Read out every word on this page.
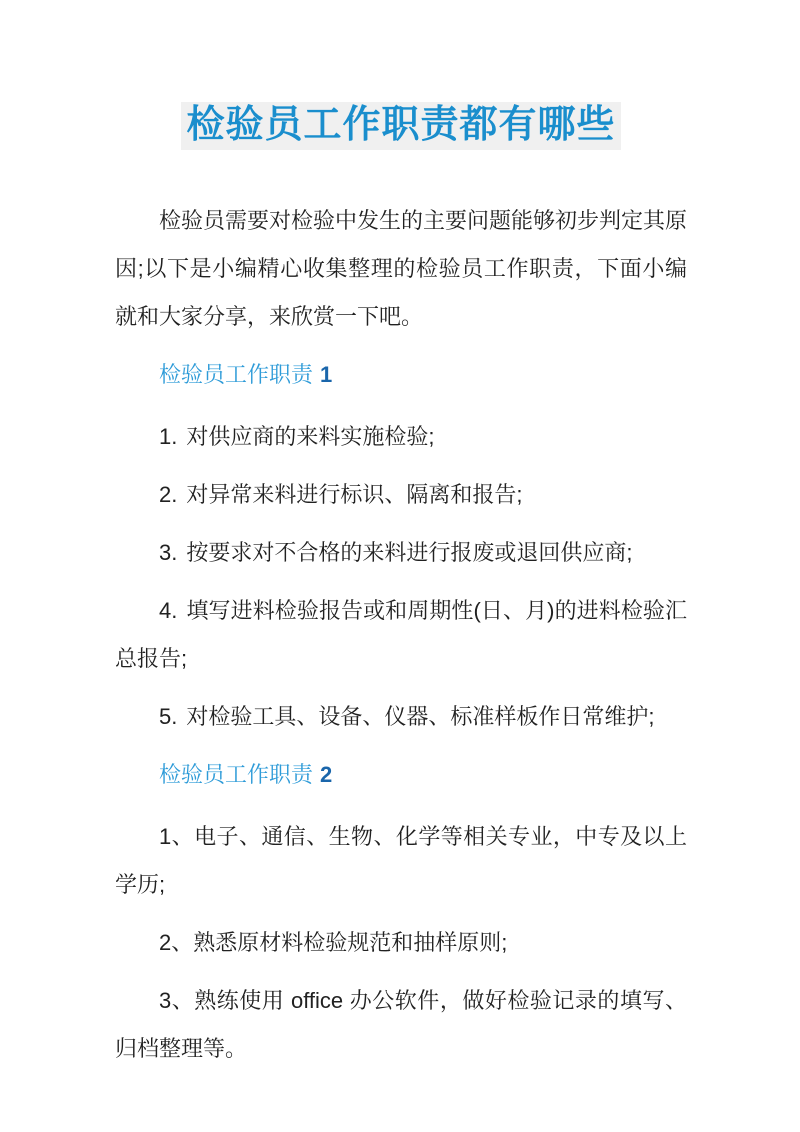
检验员工作职责都有哪些

检验员需要对检验中发生的主要问题能够初步判定其原因;以下是小编精心收集整理的检验员工作职责，下面小编就和大家分享，来欣赏一下吧。

检验员工作职责 1

1. 对供应商的来料实施检验;

2. 对异常来料进行标识、隔离和报告;

3. 按要求对不合格的来料进行报废或退回供应商;

4. 填写进料检验报告或和周期性(日、月)的进料检验汇总报告;

5. 对检验工具、设备、仪器、标准样板作日常维护;

检验员工作职责 2

1、电子、通信、生物、化学等相关专业，中专及以上学历;

2、熟悉原材料检验规范和抽样原则;

3、熟练使用 office 办公软件，做好检验记录的填写、归档整理等。
